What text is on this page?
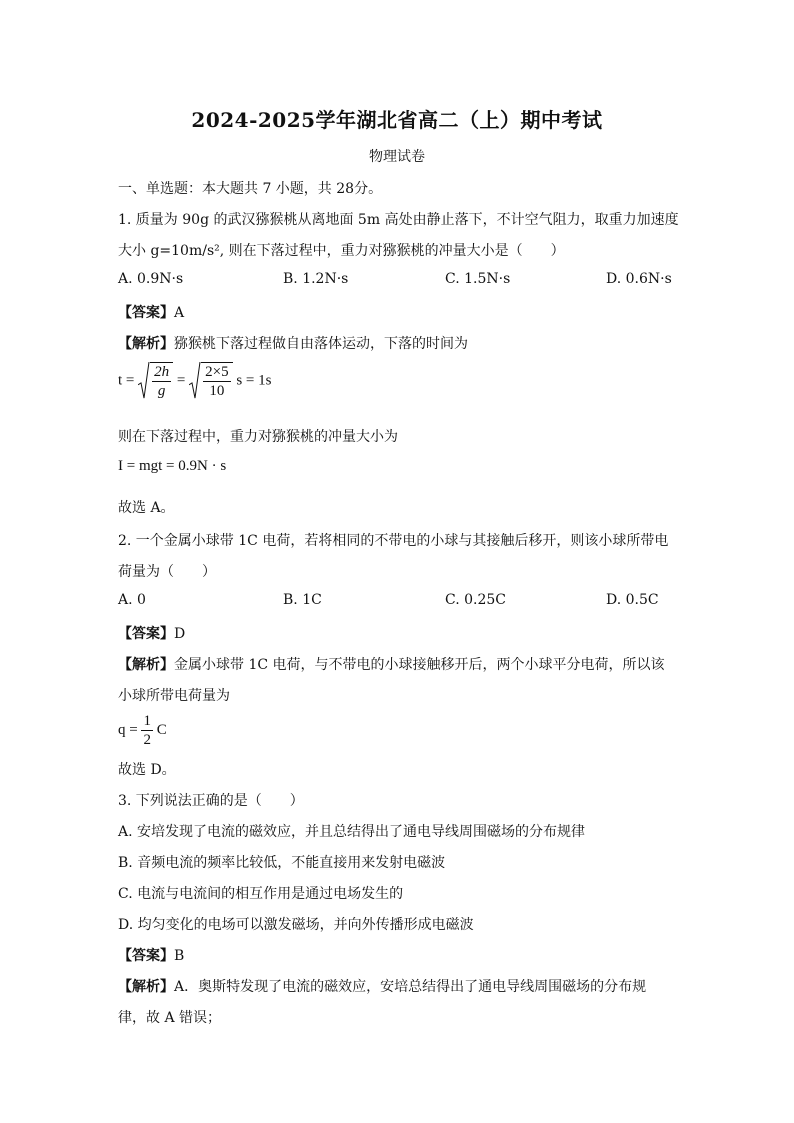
2024-2025学年湖北省高二（上）期中考试
物理试卷
一、单选题：本大题共 7 小题，共 28分。
1. 质量为 90g 的武汉猕猴桃从离地面 5m 高处由静止落下，不计空气阻力，取重力加速度
大小 g=10m/s², 则在下落过程中，重力对猕猴桃的冲量大小是（　　）
A. 0.9N·s	B. 1.2N·s	C. 1.5N·s	D. 0.6N·s
【答案】A
【解析】猕猴桃下落过程做自由落体运动，下落的时间为
$t = \frac{2h}{g} = \frac{2\times 5}{10}$ s = 1s
则在下落过程中，重力对猕猴桃的冲量大小为
I = mgt = 0.9N · s
故选 A。
2. 一个金属小球带 1C 电荷，若将相同的不带电的小球与其接触后移开，则该小球所带电
荷量为（　　）
A. 0	B. 1C	C. 0.25C	D. 0.5C
【答案】D
【解析】金属小球带 1C 电荷，与不带电的小球接触移开后，两个小球平分电荷，所以该
小球所带电荷量为
$q = \frac{1}{2}$ C
故选 D。
3. 下列说法正确的是（　　）
A. 安培发现了电流的磁效应，并且总结得出了通电导线周围磁场的分布规律
B. 音频电流的频率比较低，不能直接用来发射电磁波
C. 电流与电流间的相互作用是通过电场发生的
D. 均匀变化的电场可以激发磁场，并向外传播形成电磁波
【答案】B
【解析】A．奥斯特发现了电流的磁效应，安培总结得出了通电导线周围磁场的分布规
律，故 A 错误；
